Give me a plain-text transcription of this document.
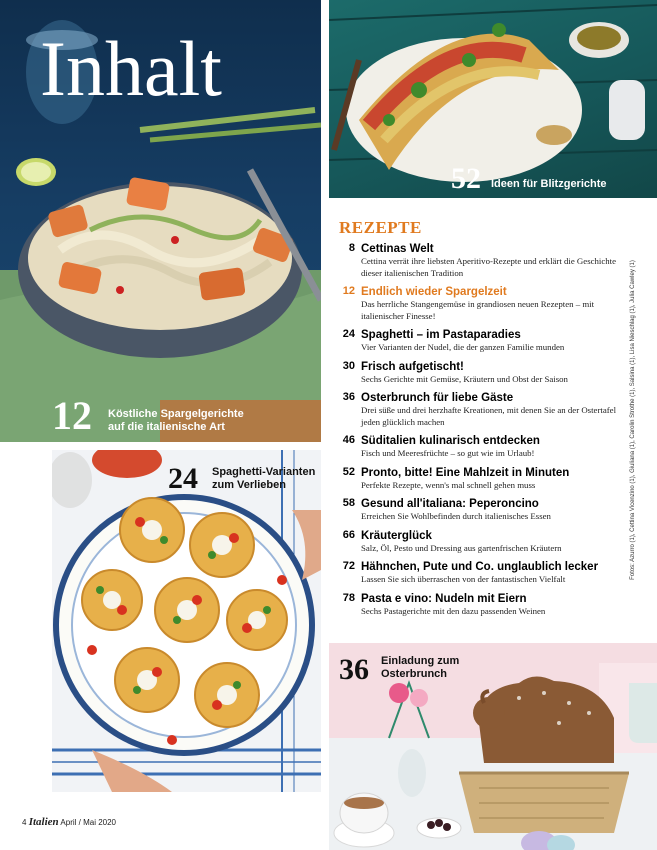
Inhalt
12 Köstliche Spargelgerichte
auf die italienische Art
52 Ideen für Blitzgerichte
24 Spaghetti-Varianten
zum Verlieben
36 Einladung zum
Osterbrunch
REZEPTE
8 Cettinas Welt
Cettina verrät ihre liebsten Aperitivo-Rezepte und erklärt die Geschichte dieser italienischen Tradition
12 Endlich wieder Spargelzeit
Das herrliche Stangengemüse in grandiosen neuen Rezepten – mit italienischer Finesse!
24 Spaghetti – im Pastaparadies
Vier Varianten der Nudel, die der ganzen Familie munden
30 Frisch aufgetischt!
Sechs Gerichte mit Gemüse, Kräutern und Obst der Saison
36 Osterbrunch für liebe Gäste
Drei süße und drei herzhafte Kreationen, mit denen Sie an der Ostertafel jeden glücklich machen
46 Süditalien kulinarisch entdecken
Fisch und Meeresfrüchte – so gut wie im Urlaub!
52 Pronto, bitte! Eine Mahlzeit in Minuten
Perfekte Rezepte, wenn's mal schnell gehen muss
58 Gesund all'italiana: Peperoncino
Erreichen Sie Wohlbefinden durch italienisches Essen
66 Kräuterglück
Salz, Öl, Pesto und Dressing aus gartenfrischen Kräutern
72 Hähnchen, Pute und Co. unglaublich lecker
Lassen Sie sich überraschen von der fantastischen Vielfalt
78 Pasta e vino: Nudeln mit Eiern
Sechs Pastagerichte mit den dazu passenden Weinen
Fotos: Azurro (1), Cettina Vicenzino (1), Giuliana (1), Carolin Strothe (1), Salsina (1), Lisa Nieschlag (1), Julia Cawley (1)
4 Italien April / Mai 2020
